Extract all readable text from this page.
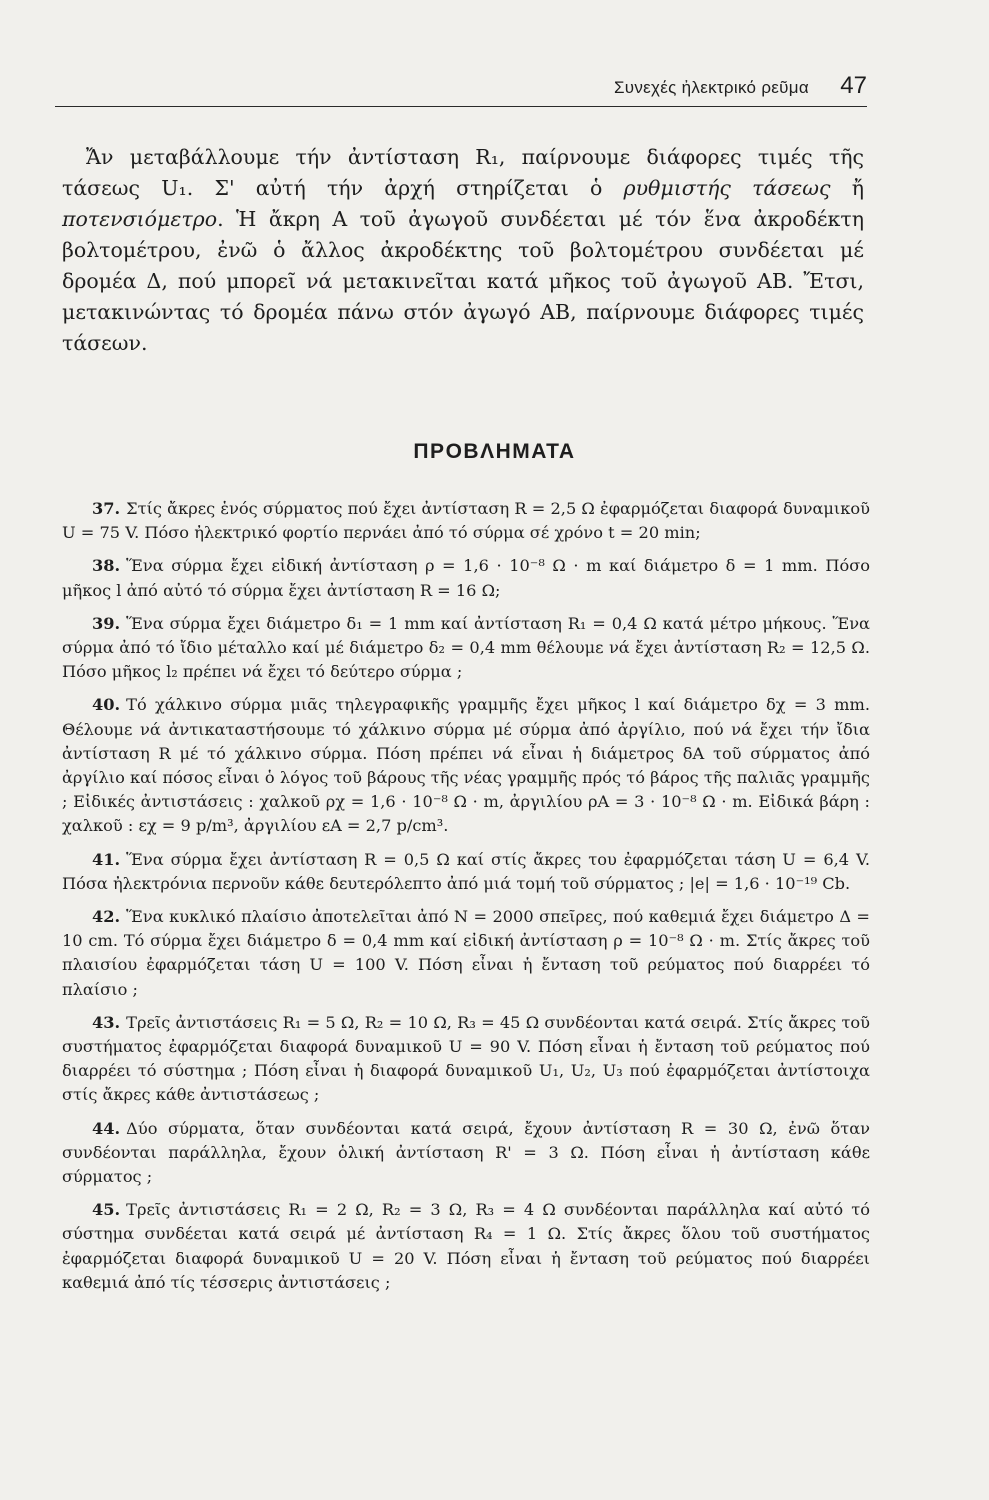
Συνεχές ἠλεκτρικό ρεῦμα 47

Ἄν μεταβάλλουμε τήν ἀντίσταση R₁, παίρνουμε διάφορες τιμές τῆς τάσεως U₁. Σ' αὐτή τήν ἀρχή στηρίζεται ὁ ρυθμιστής τάσεως ἤ ποτενσιόμετρο. Ἡ ἄκρη Α τοῦ ἀγωγοῦ συνδέεται μέ τόν ἕνα ἀκροδέκτη βολτομέτρου, ἐνῶ ὁ ἄλλος ἀκροδέκτης τοῦ βολτομέτρου συνδέεται μέ δρομέα Δ, πού μπορεῖ νά μετακινεῖται κατά μῆκος τοῦ ἀγωγοῦ ΑΒ. Ἔτσι, μετακινώντας τό δρομέα πάνω στόν ἀγωγό ΑΒ, παίρνουμε διάφορες τιμές τάσεων.

ΠΡΟΒΛΗΜΑΤΑ

37. Στίς ἄκρες ἑνός σύρματος πού ἔχει ἀντίσταση R = 2,5 Ω ἐφαρμόζεται διαφορά δυναμικοῦ U = 75 V. Πόσο ἠλεκτρικό φορτίο περνάει ἀπό τό σύρμα σέ χρόνο t = 20 min;

38. Ἕνα σύρμα ἔχει εἰδική ἀντίσταση ρ = 1,6 · 10⁻⁸ Ω · m καί διάμετρο δ = 1 mm. Πόσο μῆκος l ἀπό αὐτό τό σύρμα ἔχει ἀντίσταση R = 16 Ω;

39. Ἕνα σύρμα ἔχει διάμετρο δ₁ = 1 mm καί ἀντίσταση R₁ = 0,4 Ω κατά μέτρο μήκους. Ἕνα σύρμα ἀπό τό ἴδιο μέταλλο καί μέ διάμετρο δ₂ = 0,4 mm θέλουμε νά ἔχει ἀντίσταση R₂ = 12,5 Ω. Πόσο μῆκος l₂ πρέπει νά ἔχει τό δεύτερο σύρμα ;

40. Τό χάλκινο σύρμα μιᾶς τηλεγραφικῆς γραμμῆς ἔχει μῆκος l καί διάμετρο δχ = 3 mm. Θέλουμε νά ἀντικαταστήσουμε τό χάλκινο σύρμα μέ σύρμα ἀπό ἀργίλιο, πού νά ἔχει τήν ἴδια ἀντίσταση R μέ τό χάλκινο σύρμα. Πόση πρέπει νά εἶναι ἡ διάμετρος δA τοῦ σύρματος ἀπό ἀργίλιο καί πόσος εἶναι ὁ λόγος τοῦ βάρους τῆς νέας γραμμῆς πρός τό βάρος τῆς παλιᾶς γραμμῆς ; Εἰδικές ἀντιστάσεις : χαλκοῦ ρχ = 1,6 · 10⁻⁸ Ω · m, ἀργιλίου ρA = 3 · 10⁻⁸ Ω · m. Εἰδικά βάρη : χαλκοῦ : εχ = 9 p/m³, ἀργιλίου εA = 2,7 p/cm³.

41. Ἕνα σύρμα ἔχει ἀντίσταση R = 0,5 Ω καί στίς ἄκρες του ἐφαρμόζεται τάση U = 6,4 V. Πόσα ἠλεκτρόνια περνοῦν κάθε δευτερόλεπτο ἀπό μιά τομή τοῦ σύρματος ; |e| = 1,6 · 10⁻¹⁹ Cb.

42. Ἕνα κυκλικό πλαίσιο ἀποτελεῖται ἀπό Ν = 2000 σπεῖρες, πού καθεμιά ἔχει διάμετρο Δ = 10 cm. Τό σύρμα ἔχει διάμετρο δ = 0,4 mm καί εἰδική ἀντίσταση ρ = 10⁻⁸ Ω · m. Στίς ἄκρες τοῦ πλαισίου ἐφαρμόζεται τάση U = 100 V. Πόση εἶναι ἡ ἔνταση τοῦ ρεύματος πού διαρρέει τό πλαίσιο ;

43. Τρεῖς ἀντιστάσεις R₁ = 5 Ω, R₂ = 10 Ω, R₃ = 45 Ω συνδέονται κατά σειρά. Στίς ἄκρες τοῦ συστήματος ἐφαρμόζεται διαφορά δυναμικοῦ U = 90 V. Πόση εἶναι ἡ ἔνταση τοῦ ρεύματος πού διαρρέει τό σύστημα ; Πόση εἶναι ἡ διαφορά δυναμικοῦ U₁, U₂, U₃ πού ἐφαρμόζεται ἀντίστοιχα στίς ἄκρες κάθε ἀντιστάσεως ;

44. Δύο σύρματα, ὅταν συνδέονται κατά σειρά, ἔχουν ἀντίσταση R = 30 Ω, ἐνῶ ὅταν συνδέονται παράλληλα, ἔχουν ὁλική ἀντίσταση R' = 3 Ω. Πόση εἶναι ἡ ἀντίσταση κάθε σύρματος ;

45. Τρεῖς ἀντιστάσεις R₁ = 2 Ω, R₂ = 3 Ω, R₃ = 4 Ω συνδέονται παράλληλα καί αὐτό τό σύστημα συνδέεται κατά σειρά μέ ἀντίσταση R₄ = 1 Ω. Στίς ἄκρες ὅλου τοῦ συστήματος ἐφαρμόζεται διαφορά δυναμικοῦ U = 20 V. Πόση εἶναι ἡ ἔνταση τοῦ ρεύματος πού διαρρέει καθεμιά ἀπό τίς τέσσερις ἀντιστάσεις ;
